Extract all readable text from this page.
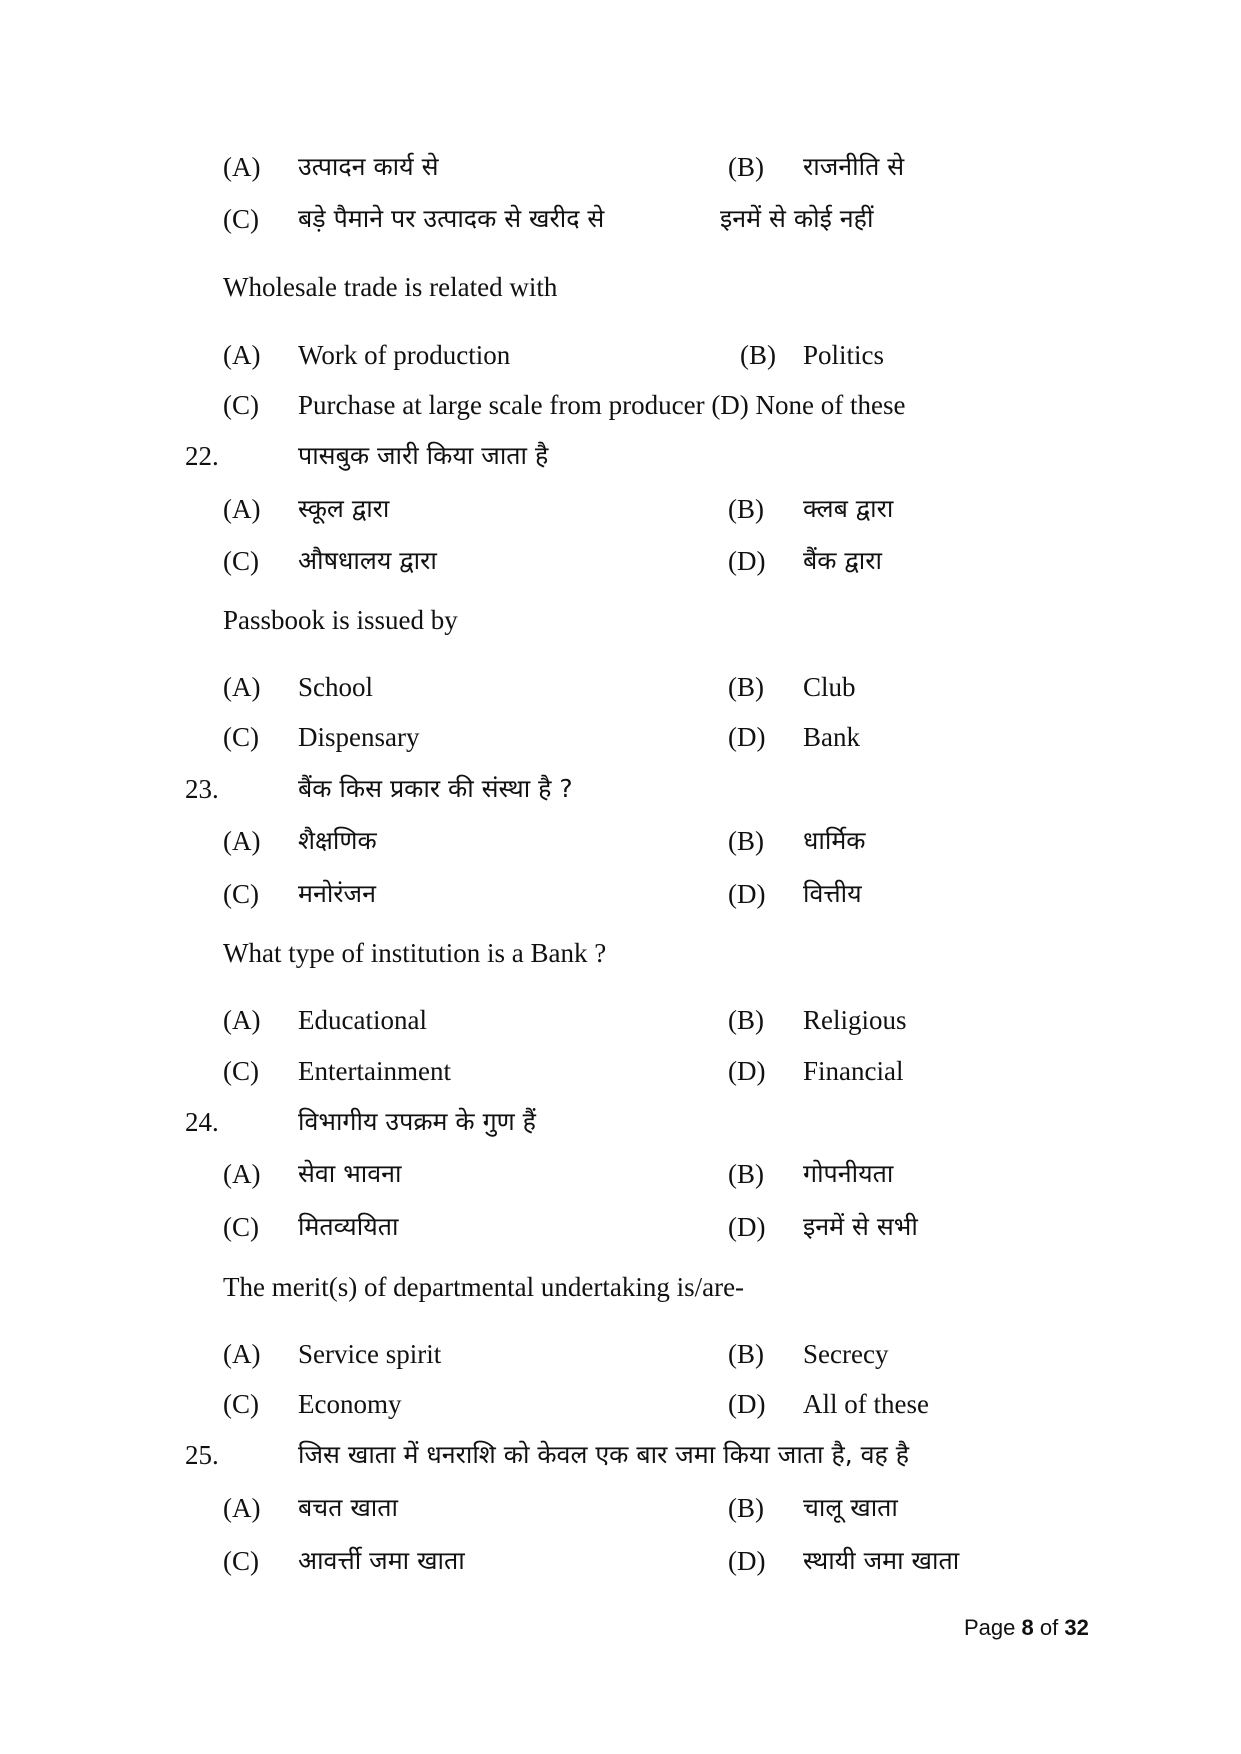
(A) उत्पादन कार्य से	(B) राजनीति से
(C) बड़े पैमाने पर उत्पादक से खरीद से	इनमें से कोई नहीं
Wholesale trade is related with
(A) Work of production	(B) Politics
(C) Purchase at large scale from producer (D) None of these
22.	पासबुक जारी किया जाता है
(A) स्कूल द्वारा	(B) क्लब द्वारा
(C) औषधालय द्वारा	(D) बैंक द्वारा
Passbook is issued by
(A) School	(B) Club
(C) Dispensary	(D) Bank
23.	बैंक किस प्रकार की संस्था है ?
(A) शैक्षणिक	(B) धार्मिक
(C) मनोरंजन	(D) वित्तीय
What type of institution is a Bank ?
(A) Educational	(B) Religious
(C) Entertainment	(D) Financial
24.	विभागीय उपक्रम के गुण हैं
(A) सेवा भावना	(B) गोपनीयता
(C) मितव्ययिता	(D) इनमें से सभी
The merit(s) of departmental undertaking is/are-
(A) Service spirit	(B) Secrecy
(C) Economy	(D) All of these
25.	जिस खाता में धनराशि को केवल एक बार जमा किया जाता है, वह है
(A) बचत खाता	(B) चालू खाता
(C) आवर्त्ती जमा खाता	(D) स्थायी जमा खाता
Page 8 of 32
